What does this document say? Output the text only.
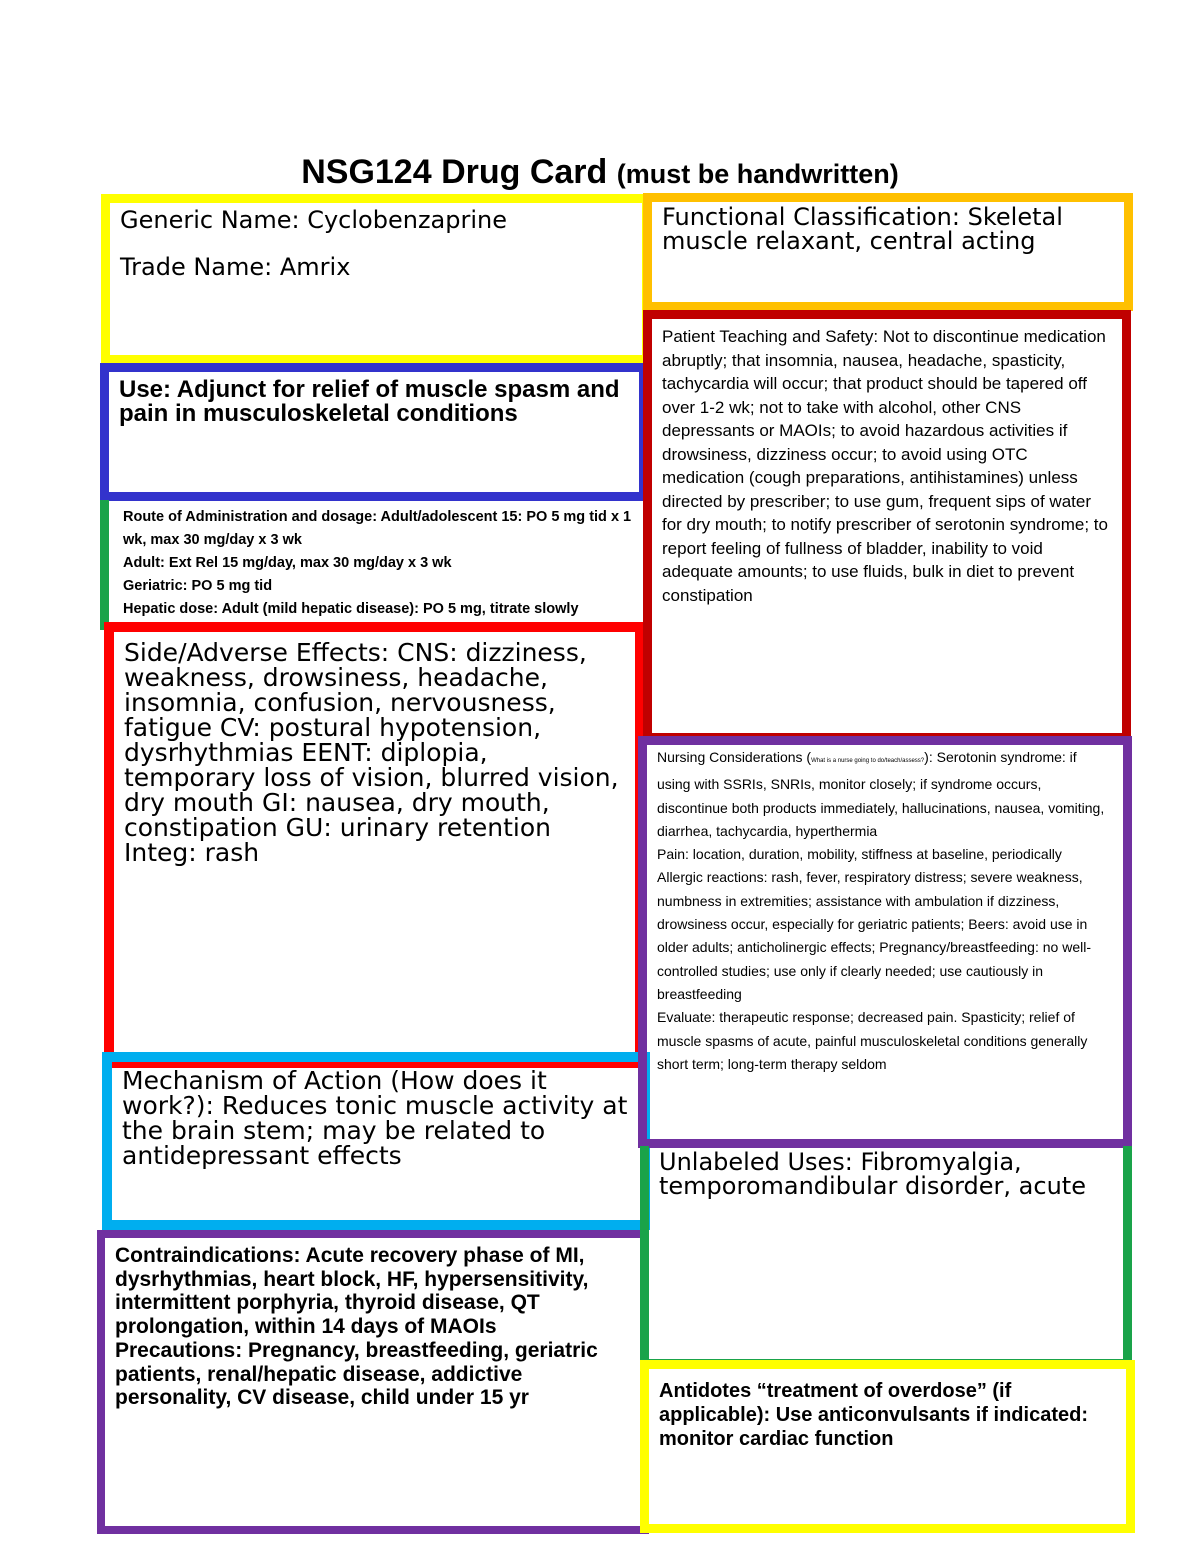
NSG124 Drug Card (must be handwritten)

Generic Name: Cyclobenzaprine

Trade Name: Amrix

Use: Adjunct for relief of muscle spasm and pain in musculoskeletal conditions

Route of Administration and dosage: Adult/adolescent 15: PO 5 mg tid x 1 wk, max 30 mg/day x 3 wk

Adult: Ext Rel 15 mg/day, max 30 mg/day x 3 wk

Geriatric: PO 5 mg tid

Hepatic dose: Adult (mild hepatic disease): PO 5 mg, titrate slowly

Side/Adverse Effects: CNS: dizziness, weakness, drowsiness, headache, insomnia, confusion, nervousness, fatigue CV: postural hypotension, dysrhythmias EENT: diplopia, temporary loss of vision, blurred vision, dry mouth GI: nausea, dry mouth, constipation GU: urinary retention Integ: rash

Mechanism of Action (How does it work?): Reduces tonic muscle activity at the brain stem; may be related to antidepressant effects

Contraindications: Acute recovery phase of MI, dysrhythmias, heart block, HF, hypersensitivity, intermittent porphyria, thyroid disease, QT prolongation, within 14 days of MAOIs

Precautions: Pregnancy, breastfeeding, geriatric patients, renal/hepatic disease, addictive personality, CV disease, child under 15 yr

Functional Classification: Skeletal muscle relaxant, central acting

Patient Teaching and Safety: Not to discontinue medication abruptly; that insomnia, nausea, headache, spasticity, tachycardia will occur; that product should be tapered off over 1-2 wk; not to take with alcohol, other CNS depressants or MAOIs; to avoid hazardous activities if drowsiness, dizziness occur; to avoid using OTC medication (cough preparations, antihistamines) unless directed by prescriber; to use gum, frequent sips of water for dry mouth; to notify prescriber of serotonin syndrome; to report feeling of fullness of bladder, inability to void adequate amounts; to use fluids, bulk in diet to prevent constipation

Nursing Considerations (What is a nurse going to do/teach/assess?): Serotonin syndrome: if using with SSRIs, SNRIs, monitor closely; if syndrome occurs, discontinue both products immediately, hallucinations, nausea, vomiting, diarrhea, tachycardia, hyperthermia

Pain: location, duration, mobility, stiffness at baseline, periodically

Allergic reactions: rash, fever, respiratory distress; severe weakness, numbness in extremities; assistance with ambulation if dizziness, drowsiness occur, especially for geriatric patients; Beers: avoid use in older adults; anticholinergic effects; Pregnancy/breastfeeding: no well-controlled studies; use only if clearly needed; use cautiously in breastfeeding

Evaluate: therapeutic response; decreased pain. Spasticity; relief of muscle spasms of acute, painful musculoskeletal conditions generally short term; long-term therapy seldom

Unlabeled Uses: Fibromyalgia, temporomandibular disorder, acute

Antidotes “treatment of overdose” (if applicable): Use anticonvulsants if indicated: monitor cardiac function
